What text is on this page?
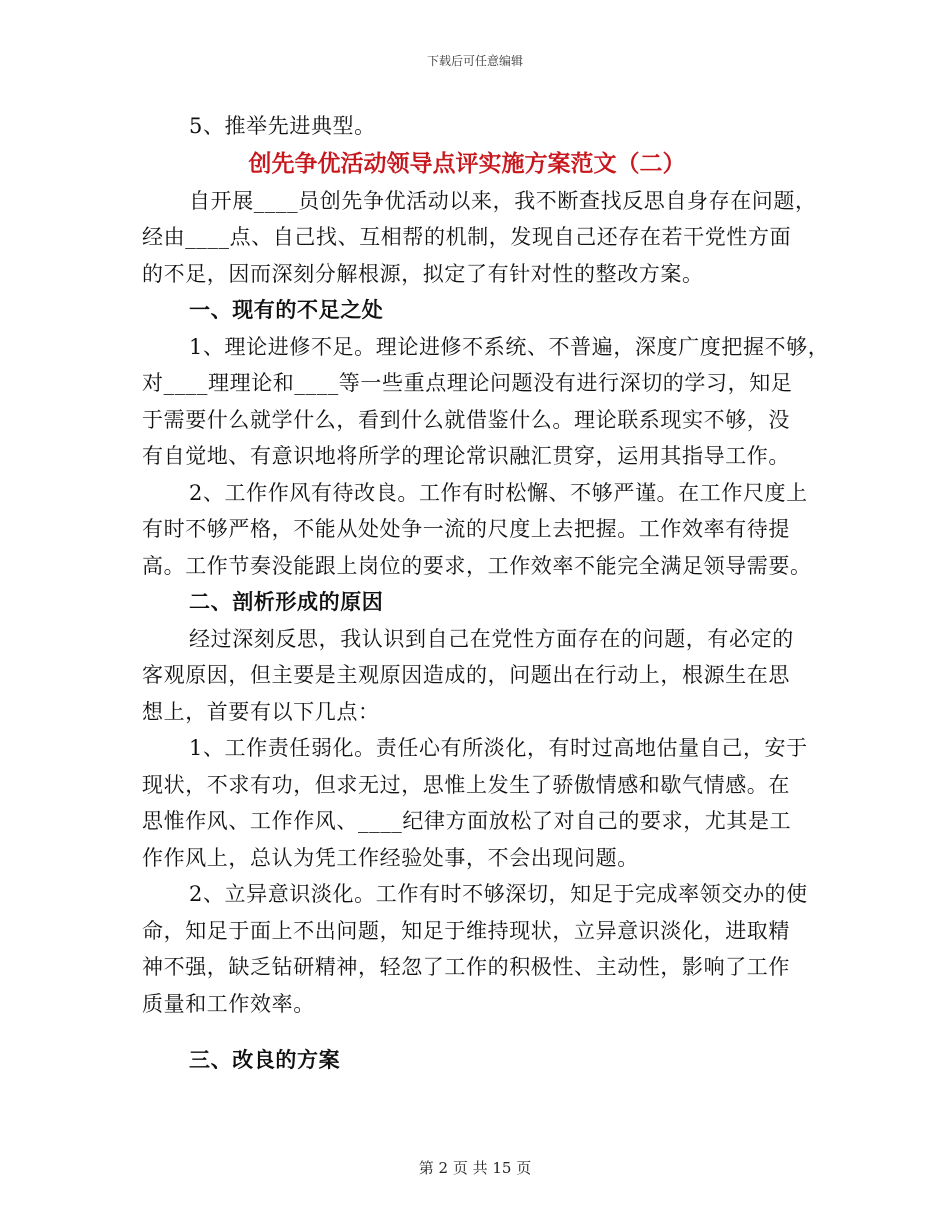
下载后可任意编辑
5、推举先进典型。
创先争优活动领导点评实施方案范文（二）
自开展____员创先争优活动以来，我不断查找反思自身存在问题，
经由____点、自己找、互相帮的机制，发现自己还存在若干党性方面
的不足，因而深刻分解根源，拟定了有针对性的整改方案。
一、现有的不足之处
1、理论进修不足。理论进修不系统、不普遍，深度广度把握不够，
对____理理论和____等一些重点理论问题没有进行深切的学习，知足
于需要什么就学什么，看到什么就借鉴什么。理论联系现实不够，没
有自觉地、有意识地将所学的理论常识融汇贯穿，运用其指导工作。
2、工作作风有待改良。工作有时松懈、不够严谨。在工作尺度上
有时不够严格，不能从处处争一流的尺度上去把握。工作效率有待提
高。工作节奏没能跟上岗位的要求，工作效率不能完全满足领导需要。
二、剖析形成的原因
经过深刻反思，我认识到自己在党性方面存在的问题，有必定的
客观原因，但主要是主观原因造成的，问题出在行动上，根源生在思
想上，首要有以下几点：
1、工作责任弱化。责任心有所淡化，有时过高地估量自己，安于
现状，不求有功，但求无过，思惟上发生了骄傲情感和歇气情感。在
思惟作风、工作作风、____纪律方面放松了对自己的要求，尤其是工
作作风上，总认为凭工作经验处事，不会出现问题。
2、立异意识淡化。工作有时不够深切，知足于完成率领交办的使
命，知足于面上不出问题，知足于维持现状，立异意识淡化，进取精
神不强，缺乏钻研精神，轻忽了工作的积极性、主动性，影响了工作
质量和工作效率。
三、改良的方案
第 2 页 共 15 页
